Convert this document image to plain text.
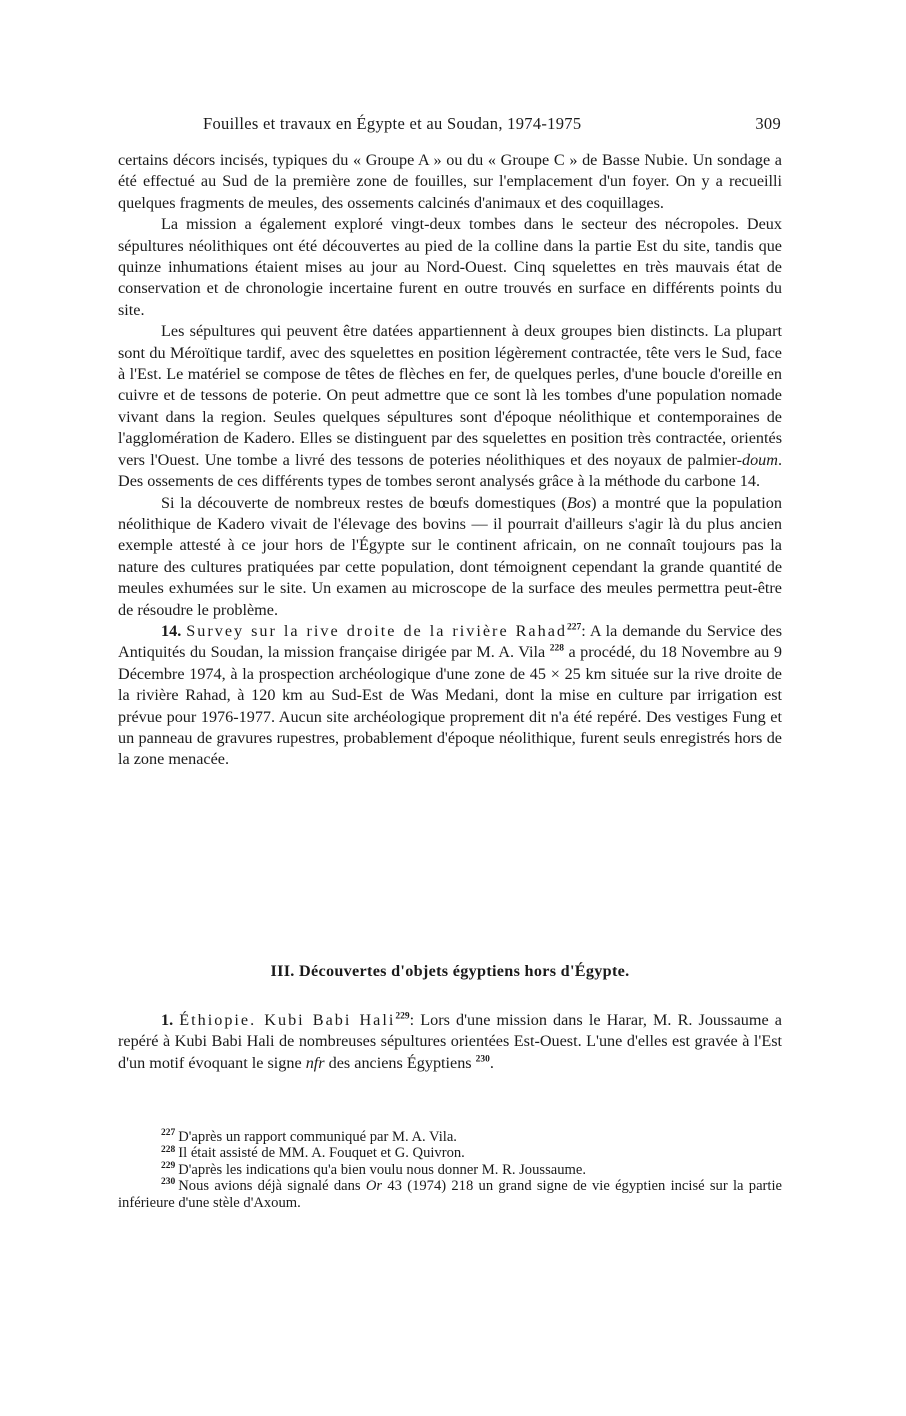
Fouilles et travaux en Égypte et au Soudan, 1974-1975	309

certains décors incisés, typiques du « Groupe A » ou du « Groupe C » de Basse Nubie. Un sondage a été effectué au Sud de la première zone de fouilles, sur l'emplacement d'un foyer. On y a recueilli quelques fragments de meules, des ossements calcinés d'animaux et des coquillages.

La mission a également exploré vingt-deux tombes dans le secteur des nécropoles. Deux sépultures néolithiques ont été découvertes au pied de la colline dans la partie Est du site, tandis que quinze inhumations étaient mises au jour au Nord-Ouest. Cinq squelettes en très mauvais état de conservation et de chronologie incertaine furent en outre trouvés en surface en différents points du site.

Les sépultures qui peuvent être datées appartiennent à deux groupes bien distincts. La plupart sont du Méroïtique tardif, avec des squelettes en position légèrement contractée, tête vers le Sud, face à l'Est. Le matériel se compose de têtes de flèches en fer, de quelques perles, d'une boucle d'oreille en cuivre et de tessons de poterie. On peut admettre que ce sont là les tombes d'une population nomade vivant dans la region. Seules quelques sépultures sont d'époque néolithique et contemporaines de l'agglomération de Kadero. Elles se distinguent par des squelettes en position très contractée, orientés vers l'Ouest. Une tombe a livré des tessons de poteries néolithiques et des noyaux de palmier-doum. Des ossements de ces différents types de tombes seront analysés grâce à la méthode du carbone 14.

Si la découverte de nombreux restes de bœufs domestiques (Bos) a montré que la population néolithique de Kadero vivait de l'élevage des bovins — il pourrait d'ailleurs s'agir là du plus ancien exemple attesté à ce jour hors de l'Égypte sur le continent africain, on ne connaît toujours pas la nature des cultures pratiquées par cette population, dont témoignent cependant la grande quantité de meules exhumées sur le site. Un examen au microscope de la surface des meules permettra peut-être de résoudre le problème.

14. Survey sur la rive droite de la rivière Rahad$^{227}$: A la demande du Service des Antiquités du Soudan, la mission française dirigée par M. A. Vila $^{228}$ a procédé, du 18 Novembre au 9 Décembre 1974, à la prospection archéologique d'une zone de 45 × 25 km située sur la rive droite de la rivière Rahad, à 120 km au Sud-Est de Was Medani, dont la mise en culture par irrigation est prévue pour 1976-1977. Aucun site archéologique proprement dit n'a été repéré. Des vestiges Fung et un panneau de gravures rupestres, probablement d'époque néolithique, furent seuls enregistrés hors de la zone menacée.

III. Découvertes d'objets égyptiens hors d'Égypte.

1. Éthiopie. Kubi Babi Hali$^{229}$: Lors d'une mission dans le Harar, M. R. Joussaume a repéré à Kubi Babi Hali de nombreuses sépultures orientées Est-Ouest. L'une d'elles est gravée à l'Est d'un motif évoquant le signe nfr des anciens Égyptiens $^{230}$.

$^{227}$ D'après un rapport communiqué par M. A. Vila.

$^{228}$ Il était assisté de MM. A. Fouquet et G. Quivron.

$^{229}$ D'après les indications qu'a bien voulu nous donner M. R. Joussaume.

$^{230}$ Nous avions déjà signalé dans Or 43 (1974) 218 un grand signe de vie égyptien incisé sur la partie inférieure d'une stèle d'Axoum.
